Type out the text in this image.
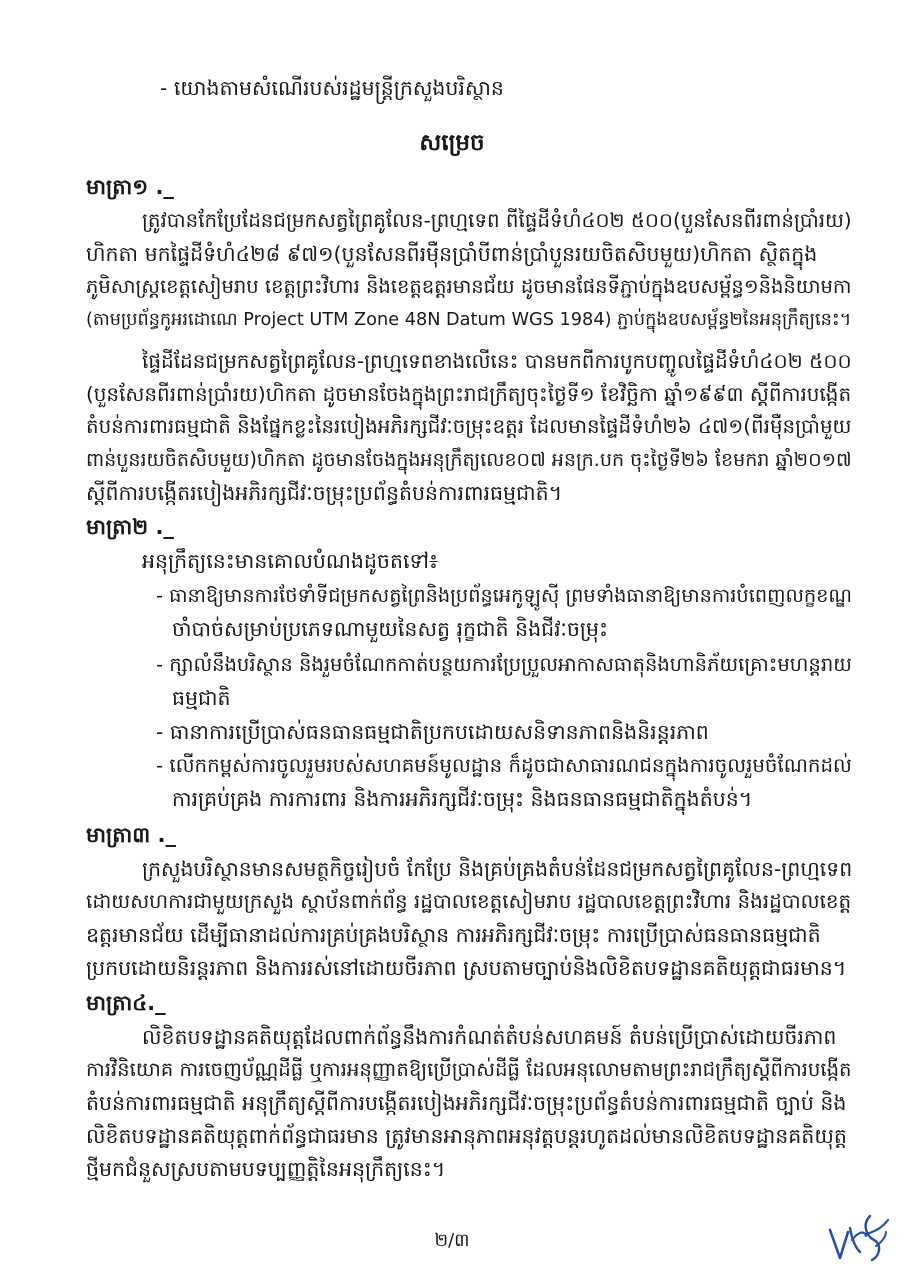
- យោងតាមសំណើរបស់រដ្ឋមន្ត្រីក្រសួងបរិស្ថាន
សម្រេច
មាត្រា១ ._
ត្រូវបានកែប្រែដែនជម្រកសត្វព្រៃគូលែន-ព្រហ្មទេព ពីផ្ទៃដីទំហំ៤០២ ៥០០(បួនសែនពីរពាន់ប្រាំរយ)
ហិកតា មកផ្ទៃដីទំហំ៤២៨ ៩៧១(បួនសែនពីរម៉ឺនប្រាំបីពាន់ប្រាំបួនរយចិតសិបមួយ)ហិកតា ស្ថិតក្នុង
ភូមិសាស្ត្រខេត្តសៀមរាប ខេត្តព្រះវិហារ និងខេត្តឧត្តរមានជ័យ ដូចមានផែនទីភ្ជាប់ក្នុងឧបសម្ព័ន្ធ១និងនិយាមកា
(តាមប្រព័ន្ធកូអរដោណេ Project UTM Zone 48N Datum WGS 1984) ភ្ជាប់ក្នុងឧបសម្ព័ន្ធ២នៃអនុក្រឹត្យនេះ។
ផ្ទៃដីដែនជម្រកសត្វព្រៃគូលែន-ព្រហ្មទេពខាងលើនេះ បានមកពីការបូកបញ្ចូលផ្ទៃដីទំហំ៤០២ ៥០០
(បួនសែនពីរពាន់ប្រាំរយ)ហិកតា ដូចមានចែងក្នុងព្រះរាជក្រឹត្យចុះថ្ងៃទី១ ខែវិច្ឆិកា ឆ្នាំ១៩៩៣ ស្តីពីការបង្កើត
តំបន់ការពារធម្មជាតិ និងផ្នែកខ្លះនៃរបៀងអភិរក្សជីវៈចម្រុះឧត្តរ ដែលមានផ្ទៃដីទំហំ២៦ ៤៧១(ពីរម៉ឺនប្រាំមួយ
ពាន់បួនរយចិតសិបមួយ)ហិកតា ដូចមានចែងក្នុងអនុក្រឹត្យលេខ០៧ អនក្រ.បក ចុះថ្ងៃទី២៦ ខែមករា ឆ្នាំ២០១៧
ស្តីពីការបង្កើតរបៀងអភិរក្សជីវៈចម្រុះប្រព័ន្ធតំបន់ការពារធម្មជាតិ។
មាត្រា២ ._
អនុក្រឹត្យនេះមានគោលបំណងដូចតទៅ៖
- ធានាឱ្យមានការថែទាំទីជម្រកសត្វព្រៃនិងប្រព័ន្ធអេកូឡូស៊ី ព្រមទាំងធានាឱ្យមានការបំពេញលក្ខខណ្ឌ
ចាំបាច់សម្រាប់ប្រភេទណាមួយនៃសត្វ រុក្ខជាតិ និងជីវៈចម្រុះ
- ក្សាលំនឹងបរិស្ថាន និងរួមចំណែកកាត់បន្ថយការប្រែប្រួលអាកាសធាតុនិងហានិភ័យគ្រោះមហន្តរាយ
ធម្មជាតិ
- ធានាការប្រើប្រាស់ធនធានធម្មជាតិប្រកបដោយសនិទានភាពនិងនិរន្តរភាព
- លើកកម្ពស់ការចូលរួមរបស់សហគមន៍មូលដ្ឋាន ក៏ដូចជាសាធារណជនក្នុងការចូលរួមចំណែកដល់
ការគ្រប់គ្រង ការការពារ និងការអភិរក្សជីវៈចម្រុះ និងធនធានធម្មជាតិក្នុងតំបន់។
មាត្រា៣ ._
ក្រសួងបរិស្ថានមានសមត្ថកិច្ចរៀបចំ កែប្រែ និងគ្រប់គ្រងតំបន់ដែនជម្រកសត្វព្រៃគូលែន-ព្រហ្មទេព
ដោយសហការជាមួយក្រសួង ស្ថាប័នពាក់ព័ន្ធ រដ្ឋបាលខេត្តសៀមរាប រដ្ឋបាលខេត្តព្រះវិហារ និងរដ្ឋបាលខេត្ត
ឧត្តរមានជ័យ ដើម្បីធានាដល់ការគ្រប់គ្រងបរិស្ថាន ការអភិរក្សជីវៈចម្រុះ ការប្រើប្រាស់ធនធានធម្មជាតិ
ប្រកបដោយនិរន្តរភាព និងការរស់នៅដោយចីរភាព ស្របតាមច្បាប់និងលិខិតបទដ្ឋានគតិយុត្តជាធរមាន។
មាត្រា៤._
លិខិតបទដ្ឋានគតិយុត្តដែលពាក់ព័ន្ធនឹងការកំណត់តំបន់សហគមន៍ តំបន់ប្រើប្រាស់ដោយចីរភាព
ការវិនិយោគ ការចេញប័ណ្ណដីធ្លី ឬការអនុញ្ញាតឱ្យប្រើប្រាស់ដីធ្លី ដែលអនុលោមតាមព្រះរាជក្រឹត្យស្តីពីការបង្កើត
តំបន់ការពារធម្មជាតិ អនុក្រឹត្យស្តីពីការបង្កើតរបៀងអភិរក្សជីវៈចម្រុះប្រព័ន្ធតំបន់ការពារធម្មជាតិ ច្បាប់ និង
លិខិតបទដ្ឋានគតិយុត្តពាក់ព័ន្ធជាធរមាន ត្រូវមានអានុភាពអនុវត្តបន្តរហូតដល់មានលិខិតបទដ្ឋានគតិយុត្ត
ថ្មីមកជំនួសស្របតាមបទប្បញ្ញត្តិនៃអនុក្រឹត្យនេះ។
២/៣
